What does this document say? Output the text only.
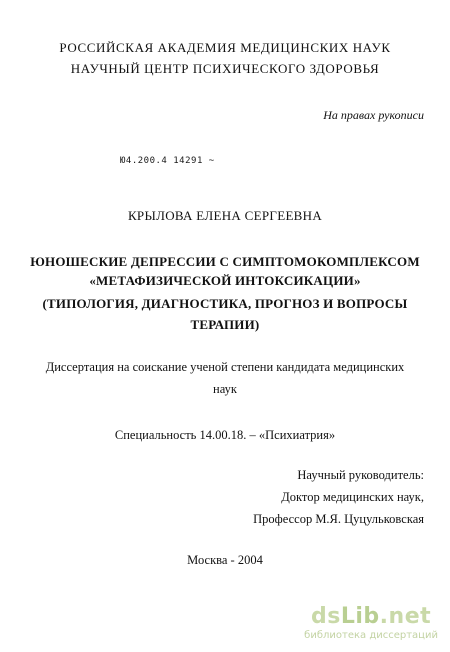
РОССИЙСКАЯ АКАДЕМИЯ МЕДИЦИНСКИХ НАУК
НАУЧНЫЙ ЦЕНТР ПСИХИЧЕСКОГО ЗДОРОВЬЯ
На правах рукописи
Ю4.200.4 14291 ~
КРЫЛОВА ЕЛЕНА СЕРГЕЕВНА
ЮНОШЕСКИЕ ДЕПРЕССИИ С СИМПТОМОКОМПЛЕКСОМ
«МЕТАФИЗИЧЕСКОЙ ИНТОКСИКАЦИИ»
(ТИПОЛОГИЯ, ДИАГНОСТИКА, ПРОГНОЗ И ВОПРОСЫ
ТЕРАПИИ)
Диссертация на соискание ученой степени кандидата медицинских
наук
Специальность 14.00.18. – «Психиатрия»
Научный руководитель:
Доктор медицинских наук,
Профессор М.Я. Цуцульковская
Москва - 2004
dsLib.net
библиотека диссертаций
